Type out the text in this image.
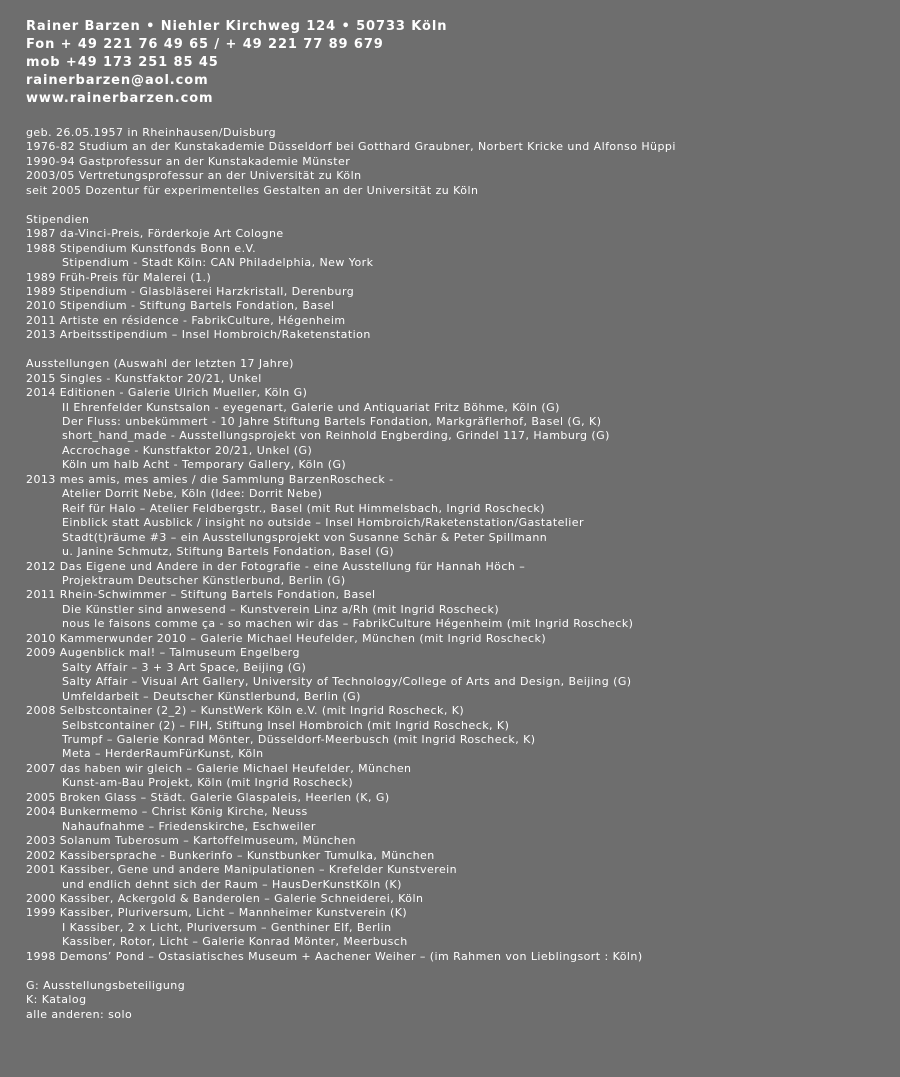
Rainer Barzen • Niehler Kirchweg 124 • 50733 Köln
Fon + 49 221 76 49 65 / + 49 221 77 89 679
mob +49 173 251 85 45
rainerbarzen@aol.com
www.rainerbarzen.com
geb. 26.05.1957 in Rheinhausen/Duisburg
1976-82 Studium an der Kunstakademie Düsseldorf bei Gotthard Graubner, Norbert Kricke und Alfonso Hüppi
1990-94 Gastprofessur an der Kunstakademie Münster
2003/05 Vertretungsprofessur an der Universität zu Köln
seit 2005 Dozentur für experimentelles Gestalten an der Universität zu Köln
Stipendien
1987 da-Vinci-Preis, Förderkoje Art Cologne
1988 Stipendium Kunstfonds Bonn e.V.
Stipendium - Stadt Köln: CAN Philadelphia, New York
1989 Früh-Preis für Malerei (1.)
1989 Stipendium - Glasbläserei Harzkristall, Derenburg
2010 Stipendium - Stiftung Bartels Fondation, Basel
2011 Artiste en résidence - FabrikCulture, Hégenheim
2013 Arbeitsstipendium – Insel Hombroich/Raketenstation
Ausstellungen (Auswahl der letzten 17 Jahre)
2015 Singles - Kunstfaktor 20/21, Unkel
2014 Editionen - Galerie Ulrich Mueller, Köln G)
II Ehrenfelder Kunstsalon - eyegenart, Galerie und Antiquariat Fritz Böhme, Köln (G)
Der Fluss: unbekümmert - 10 Jahre Stiftung Bartels Fondation, Markgräflerhof, Basel (G, K)
short_hand_made - Ausstellungsprojekt von Reinhold Engberding, Grindel 117, Hamburg (G)
Accrochage - Kunstfaktor 20/21, Unkel (G)
Köln um halb Acht - Temporary Gallery, Köln (G)
2013 mes amis, mes amies / die Sammlung BarzenRoscheck -
Atelier Dorrit Nebe, Köln (Idee: Dorrit Nebe)
Reif für Halo – Atelier Feldbergstr., Basel (mit Rut Himmelsbach, Ingrid Roscheck)
Einblick statt Ausblick / insight no outside – Insel Hombroich/Raketenstation/Gastatelier
Stadt(t)räume #3 – ein Ausstellungsprojekt von Susanne Schär & Peter Spillmann
u. Janine Schmutz, Stiftung Bartels Fondation, Basel (G)
2012 Das Eigene und Andere in der Fotografie - eine Ausstellung für Hannah Höch –
Projektraum Deutscher Künstlerbund, Berlin (G)
2011 Rhein-Schwimmer – Stiftung Bartels Fondation, Basel
Die Künstler sind anwesend – Kunstverein Linz a/Rh (mit Ingrid Roscheck)
nous le faisons comme ça - so machen wir das – FabrikCulture Hégenheim (mit Ingrid Roscheck)
2010 Kammerwunder 2010 – Galerie Michael Heufelder, München (mit Ingrid Roscheck)
2009 Augenblick mal! – Talmuseum Engelberg
Salty Affair – 3 + 3 Art Space, Beijing (G)
Salty Affair – Visual Art Gallery, University of Technology/College of Arts and Design, Beijing (G)
Umfeldarbeit – Deutscher Künstlerbund, Berlin (G)
2008 Selbstcontainer (2_2) – KunstWerk Köln e.V. (mit Ingrid Roscheck, K)
Selbstcontainer (2) – FIH, Stiftung Insel Hombroich (mit Ingrid Roscheck, K)
Trumpf – Galerie Konrad Mönter, Düsseldorf-Meerbusch (mit Ingrid Roscheck, K)
Meta – HerderRaumFürKunst, Köln
2007 das haben wir gleich – Galerie Michael Heufelder, München
Kunst-am-Bau Projekt, Köln (mit Ingrid Roscheck)
2005 Broken Glass – Städt. Galerie Glaspaleis, Heerlen (K, G)
2004 Bunkermemo – Christ König Kirche, Neuss
Nahaufnahme – Friedenskirche, Eschweiler
2003 Solanum Tuberosum – Kartoffelmuseum, München
2002 Kassibersprache - Bunkerinfo – Kunstbunker Tumulka, München
2001 Kassiber, Gene und andere Manipulationen – Krefelder Kunstverein
und endlich dehnt sich der Raum – HausDerKunstKöln (K)
2000 Kassiber, Ackergold & Banderolen – Galerie Schneiderei, Köln
1999 Kassiber, Pluriversum, Licht – Mannheimer Kunstverein (K)
I Kassiber, 2 x Licht, Pluriversum – Genthiner Elf, Berlin
Kassiber, Rotor, Licht – Galerie Konrad Mönter, Meerbusch
1998 Demons’ Pond – Ostasiatisches Museum + Aachener Weiher – (im Rahmen von Lieblingsort : Köln)
G: Ausstellungsbeteiligung
K: Katalog
alle anderen: solo
